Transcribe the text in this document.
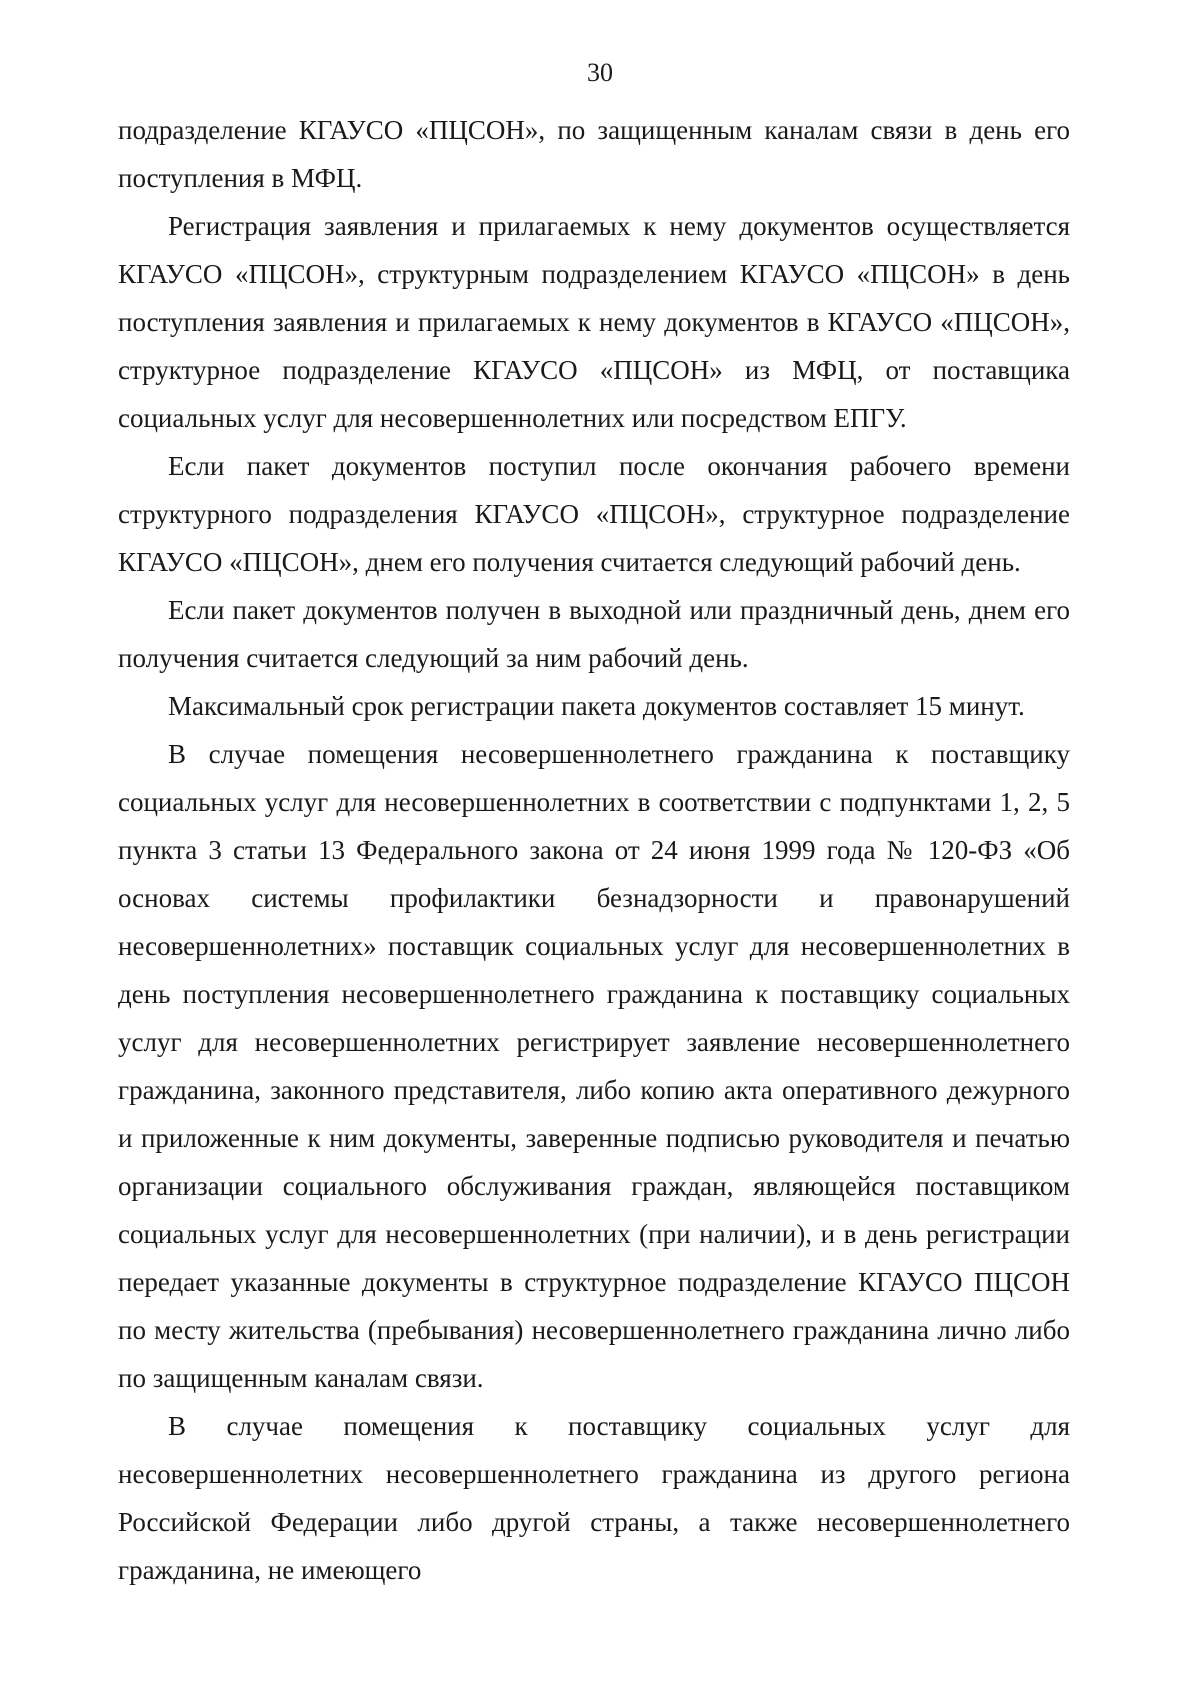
30

подразделение КГАУСО «ПЦСОН», по защищенным каналам связи в день его поступления в МФЦ.

Регистрация заявления и прилагаемых к нему документов осуществляется КГАУСО «ПЦСОН», структурным подразделением КГАУСО «ПЦСОН» в день поступления заявления и прилагаемых к нему документов в КГАУСО «ПЦСОН», структурное подразделение КГАУСО «ПЦСОН» из МФЦ, от поставщика социальных услуг для несовершеннолетних или посредством ЕПГУ.

Если пакет документов поступил после окончания рабочего времени структурного подразделения КГАУСО «ПЦСОН», структурное подразделение КГАУСО «ПЦСОН», днем его получения считается следующий рабочий день.

Если пакет документов получен в выходной или праздничный день, днем его получения считается следующий за ним рабочий день.

Максимальный срок регистрации пакета документов составляет 15 минут.

В случае помещения несовершеннолетнего гражданина к поставщику социальных услуг для несовершеннолетних в соответствии с подпунктами 1, 2, 5 пункта 3 статьи 13 Федерального закона от 24 июня 1999 года № 120-ФЗ «Об основах системы профилактики безнадзорности и правонарушений несовершеннолетних» поставщик социальных услуг для несовершеннолетних в день поступления несовершеннолетнего гражданина к поставщику социальных услуг для несовершеннолетних регистрирует заявление несовершеннолетнего гражданина, законного представителя, либо копию акта оперативного дежурного и приложенные к ним документы, заверенные подписью руководителя и печатью организации социального обслуживания граждан, являющейся поставщиком социальных услуг для несовершеннолетних (при наличии), и в день регистрации передает указанные документы в структурное подразделение КГАУСО ПЦСОН по месту жительства (пребывания) несовершеннолетнего гражданина лично либо по защищенным каналам связи.

В случае помещения к поставщику социальных услуг для несовершеннолетних несовершеннолетнего гражданина из другого региона Российской Федерации либо другой страны, а также несовершеннолетнего гражданина, не имеющего
